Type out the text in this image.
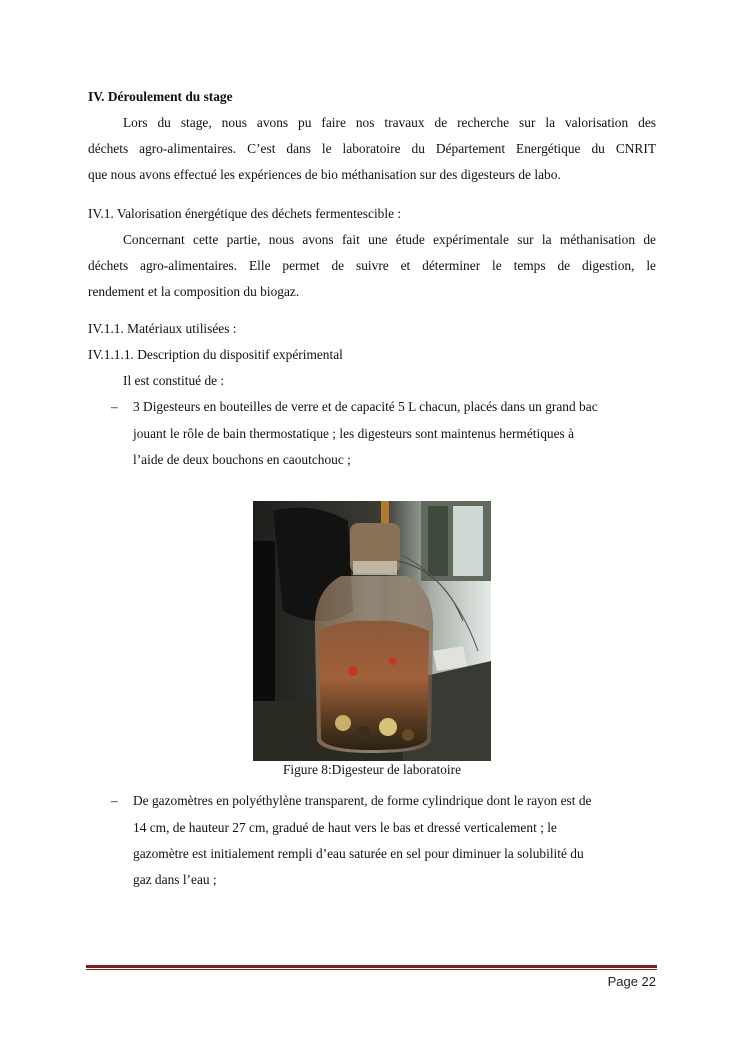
IV. Déroulement du stage
Lors du stage, nous avons pu faire nos travaux de recherche sur la valorisation des
déchets agro-alimentaires. C’est dans le laboratoire du Département Energétique du CNRIT
que nous avons effectué les expériences de bio méthanisation sur des digesteurs de labo.
IV.1. Valorisation énergétique des déchets fermentescible :
Concernant cette partie, nous avons fait une étude expérimentale sur la méthanisation de
déchets agro-alimentaires. Elle permet de suivre et déterminer le temps de digestion, le
rendement et la composition du biogaz.
IV.1.1. Matériaux utilisées :
IV.1.1.1. Description du dispositif expérimental
Il est constitué de :
– 3 Digesteurs en bouteilles de verre et de capacité 5 L chacun, placés dans un grand bac
jouant le rôle de bain thermostatique ; les digesteurs sont maintenus hermétiques à
l’aide de deux bouchons en caoutchouc ;
Figure 8:Digesteur de laboratoire
– De gazomètres en polyéthylène transparent, de forme cylindrique dont le rayon est de
14 cm, de hauteur 27 cm, gradué de haut vers le bas et dressé verticalement ; le
gazomètre est initialement rempli d’eau saturée en sel pour diminuer la solubilité du
gaz dans l’eau ;
Page 22
